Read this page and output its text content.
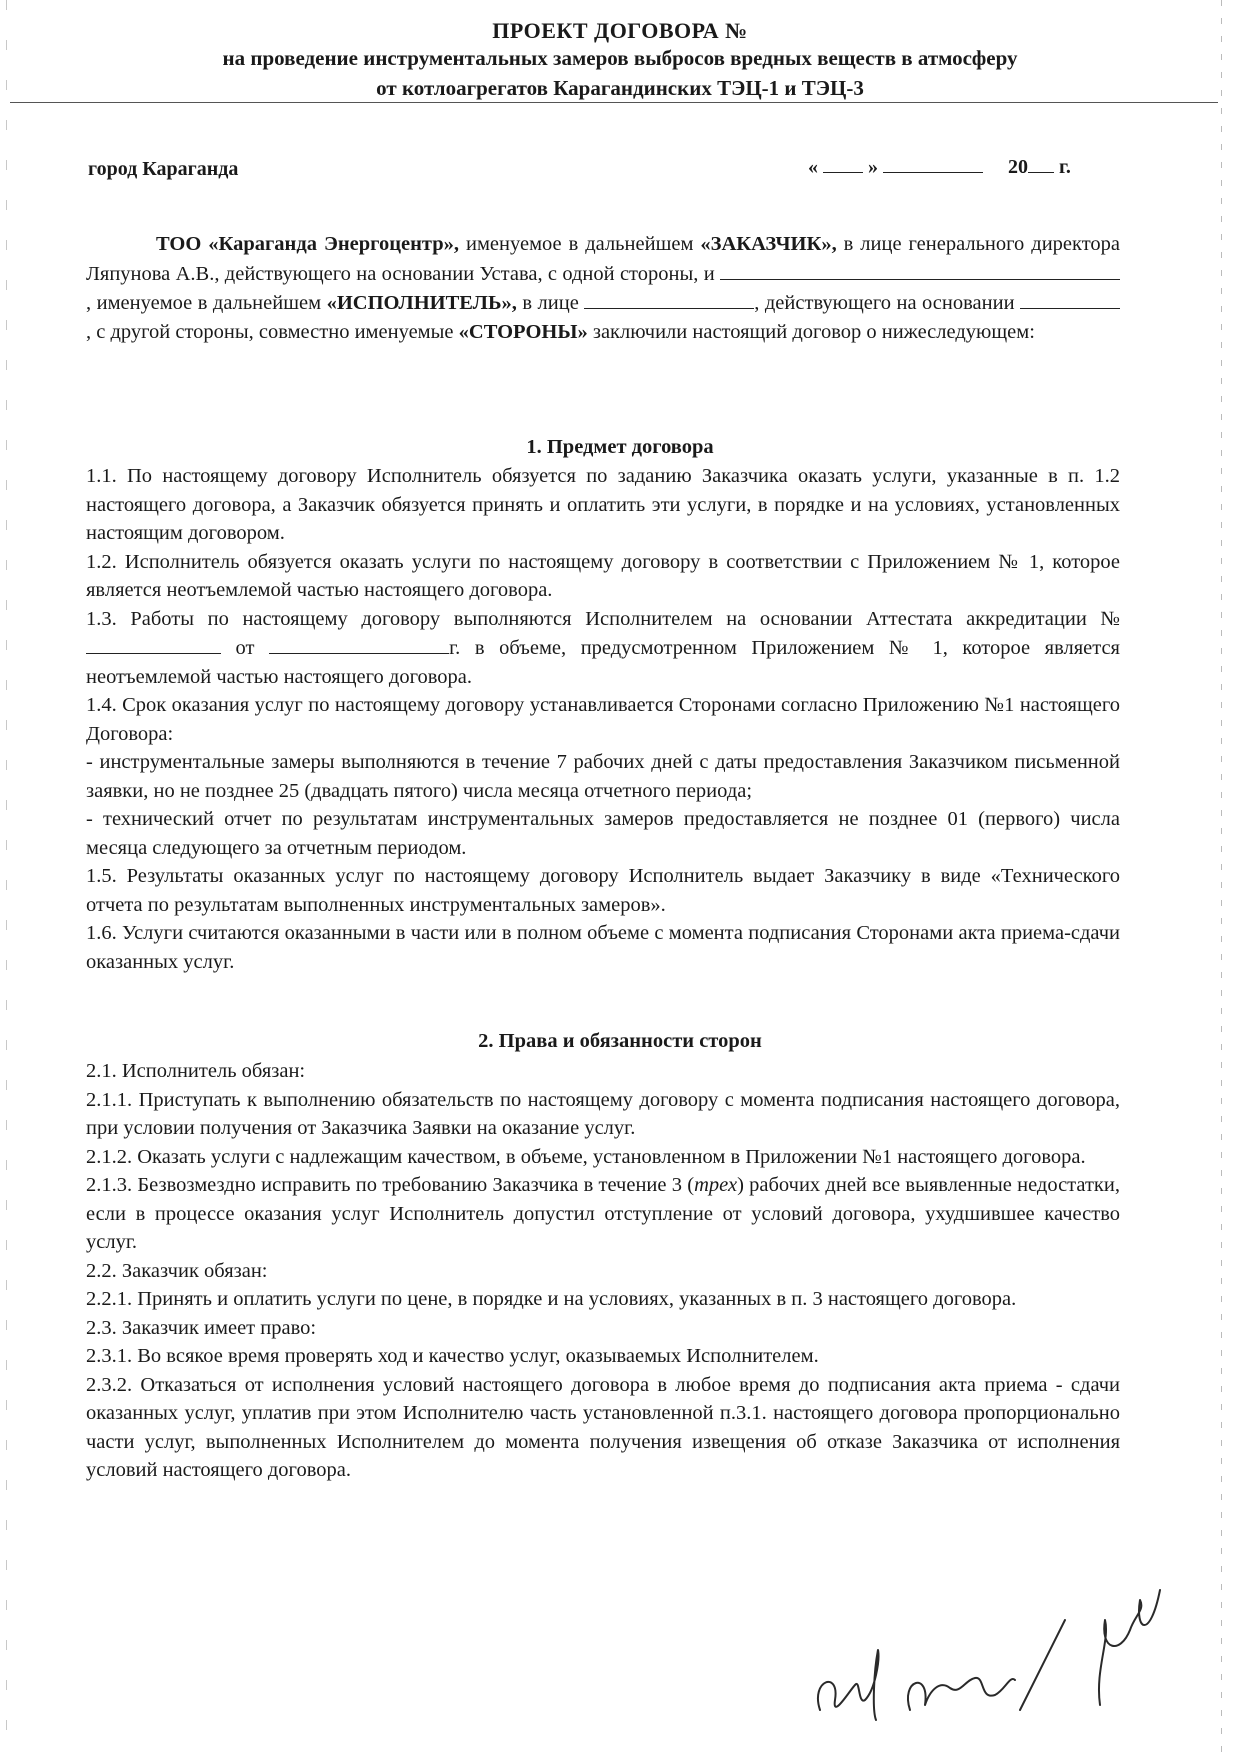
ПРОЕКТ ДОГОВОРА №
на проведение инструментальных замеров выбросов вредных веществ в атмосферу
от котлоагрегатов Карагандинских ТЭЦ-1 и ТЭЦ-3
город Караганда	«	»	20 г.

ТОО «Караганда Энергоцентр», именуемое в дальнейшем «ЗАКАЗЧИК», в лице генерального директора Ляпунова А.В., действующего на основании Устава, с одной стороны, и , именуемое в дальнейшем «ИСПОЛНИТЕЛЬ», в лице	, действующего на основании , с другой стороны, совместно именуемые «СТОРОНЫ» заключили настоящий договор о нижеследующем:

1. Предмет договора

1.1. По настоящему договору Исполнитель обязуется по заданию Заказчика оказать услуги, указанные в п. 1.2 настоящего договора, а Заказчик обязуется принять и оплатить эти услуги, в порядке и на условиях, установленных настоящим договором.

1.2. Исполнитель обязуется оказать услуги по настоящему договору в соответствии с Приложением № 1, которое является неотъемлемой частью настоящего договора.

1.3. Работы по настоящему договору выполняются Исполнителем на основании Аттестата аккредитации №  от	г. в объеме, предусмотренном Приложением № 1, которое является неотъемлемой частью настоящего договора.

1.4. Срок оказания услуг по настоящему договору устанавливается Сторонами согласно Приложению №1 настоящего Договора:

- инструментальные замеры выполняются в течение 7 рабочих дней с даты предоставления Заказчиком письменной заявки, но не позднее 25 (двадцать пятого) числа месяца отчетного периода;

- технический отчет по результатам инструментальных замеров предоставляется не позднее 01 (первого) числа месяца следующего за отчетным периодом.

1.5. Результаты оказанных услуг по настоящему договору Исполнитель выдает Заказчику в виде «Технического отчета по результатам выполненных инструментальных замеров».

1.6. Услуги считаются оказанными в части или в полном объеме с момента подписания Сторонами акта приема-сдачи оказанных услуг.

2. Права и обязанности сторон

2.1. Исполнитель обязан:

2.1.1. Приступать к выполнению обязательств по настоящему договору с момента подписания настоящего договора, при условии получения от Заказчика Заявки на оказание услуг.

2.1.2. Оказать услуги с надлежащим качеством, в объеме, установленном в Приложении №1 настоящего договора.

2.1.3. Безвозмездно исправить по требованию Заказчика в течение 3 (трех) рабочих дней все выявленные недостатки, если в процессе оказания услуг Исполнитель допустил отступление от условий договора, ухудшившее качество услуг.

2.2. Заказчик обязан:

2.2.1. Принять и оплатить услуги по цене, в порядке и на условиях, указанных в п. 3 настоящего договора.

2.3. Заказчик имеет право:

2.3.1. Во всякое время проверять ход и качество услуг, оказываемых Исполнителем.

2.3.2. Отказаться от исполнения условий настоящего договора в любое время до подписания акта приема - сдачи оказанных услуг, уплатив при этом Исполнителю часть установленной п.3.1. настоящего договора пропорционально части услуг, выполненных Исполнителем до момента получения извещения об отказе Заказчика от исполнения условий настоящего договора.
